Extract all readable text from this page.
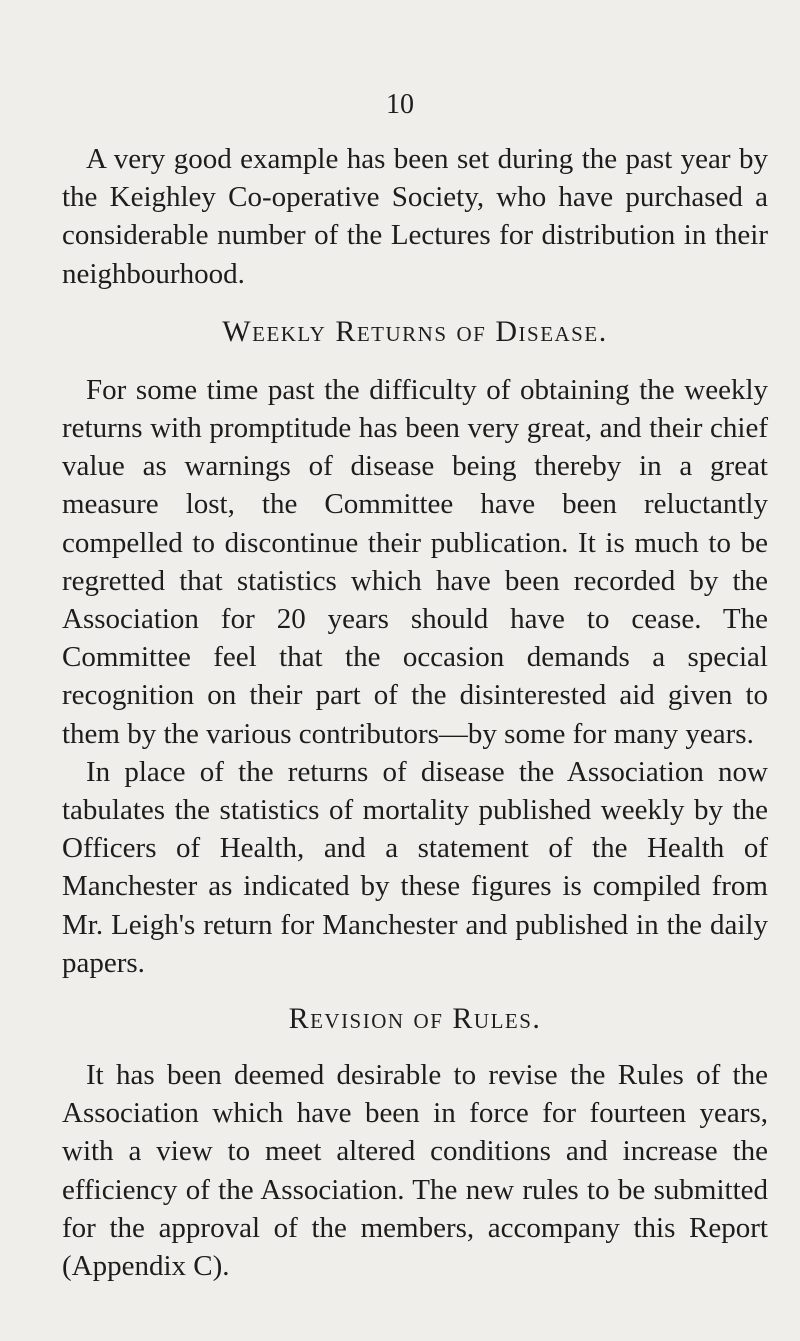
10

A very good example has been set during the past year by the Keighley Co-operative Society, who have purchased a considerable number of the Lectures for distribution in their neighbourhood.

Weekly Returns of Disease.

For some time past the difficulty of obtaining the weekly returns with promptitude has been very great, and their chief value as warnings of disease being thereby in a great measure lost, the Committee have been reluctantly compelled to discontinue their publication. It is much to be regretted that statistics which have been recorded by the Association for 20 years should have to cease. The Committee feel that the occasion demands a special recognition on their part of the disinterested aid given to them by the various contributors—by some for many years.

In place of the returns of disease the Association now tabulates the statistics of mortality published weekly by the Officers of Health, and a statement of the Health of Manchester as indicated by these figures is compiled from Mr. Leigh's return for Manchester and published in the daily papers.

Revision of Rules.

It has been deemed desirable to revise the Rules of the Association which have been in force for fourteen years, with a view to meet altered conditions and increase the efficiency of the Association. The new rules to be submitted for the approval of the members, accompany this Report (Appendix C).
